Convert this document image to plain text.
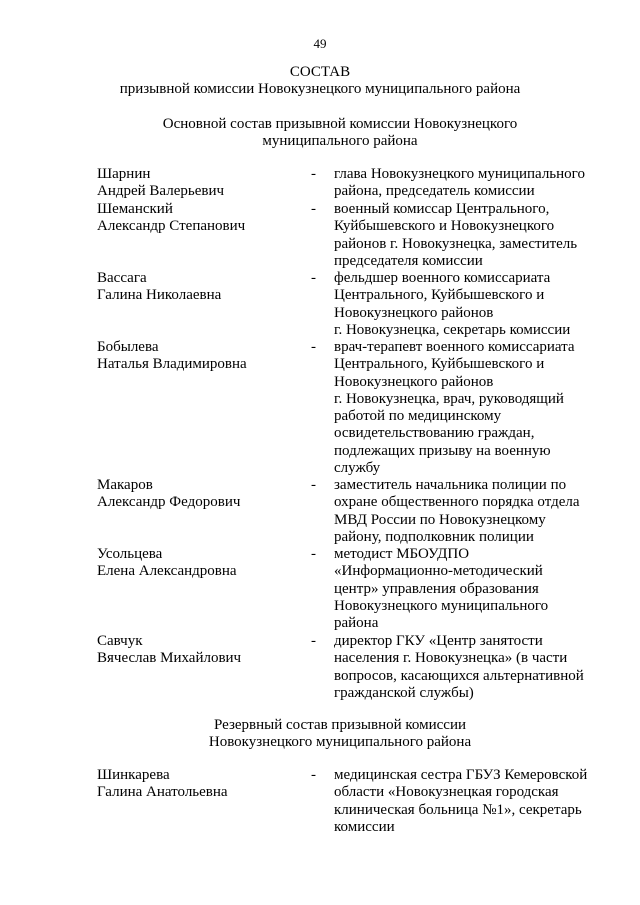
49
СОСТАВ
призывной комиссии Новокузнецкого муниципального района
Основной состав призывной комиссии Новокузнецкого
муниципального района
Шарнин
Андрей Валерьевич
- глава Новокузнецкого муниципального
района, председатель комиссии
Шеманский
Александр Степанович
- военный комиссар Центрального,
Куйбышевского и Новокузнецкого
районов г. Новокузнецка, заместитель
председателя комиссии
Вассага
Галина Николаевна
- фельдшер военного комиссариата
Центрального, Куйбышевского и
Новокузнецкого районов
г. Новокузнецка, секретарь комиссии
Бобылева
Наталья Владимировна
- врач-терапевт военного комиссариата
Центрального, Куйбышевского и
Новокузнецкого районов
г. Новокузнецка, врач, руководящий
работой по медицинскому
освидетельствованию граждан,
подлежащих призыву на военную
службу
Макаров
Александр Федорович
- заместитель начальника полиции по
охране общественного порядка отдела
МВД России по Новокузнецкому
району, подполковник полиции
Усольцева
Елена Александровна
- методист МБОУДПО
«Информационно-методический
центр» управления образования
Новокузнецкого муниципального
района
Савчук
Вячеслав Михайлович
- директор ГКУ «Центр занятости
населения г. Новокузнецка» (в части
вопросов, касающихся альтернативной
гражданской службы)
Резервный состав призывной комиссии
Новокузнецкого муниципального района
Шинкарева
Галина Анатольевна
- медицинская сестра ГБУЗ Кемеровской
области «Новокузнецкая городская
клиническая больница №1», секретарь
комиссии
